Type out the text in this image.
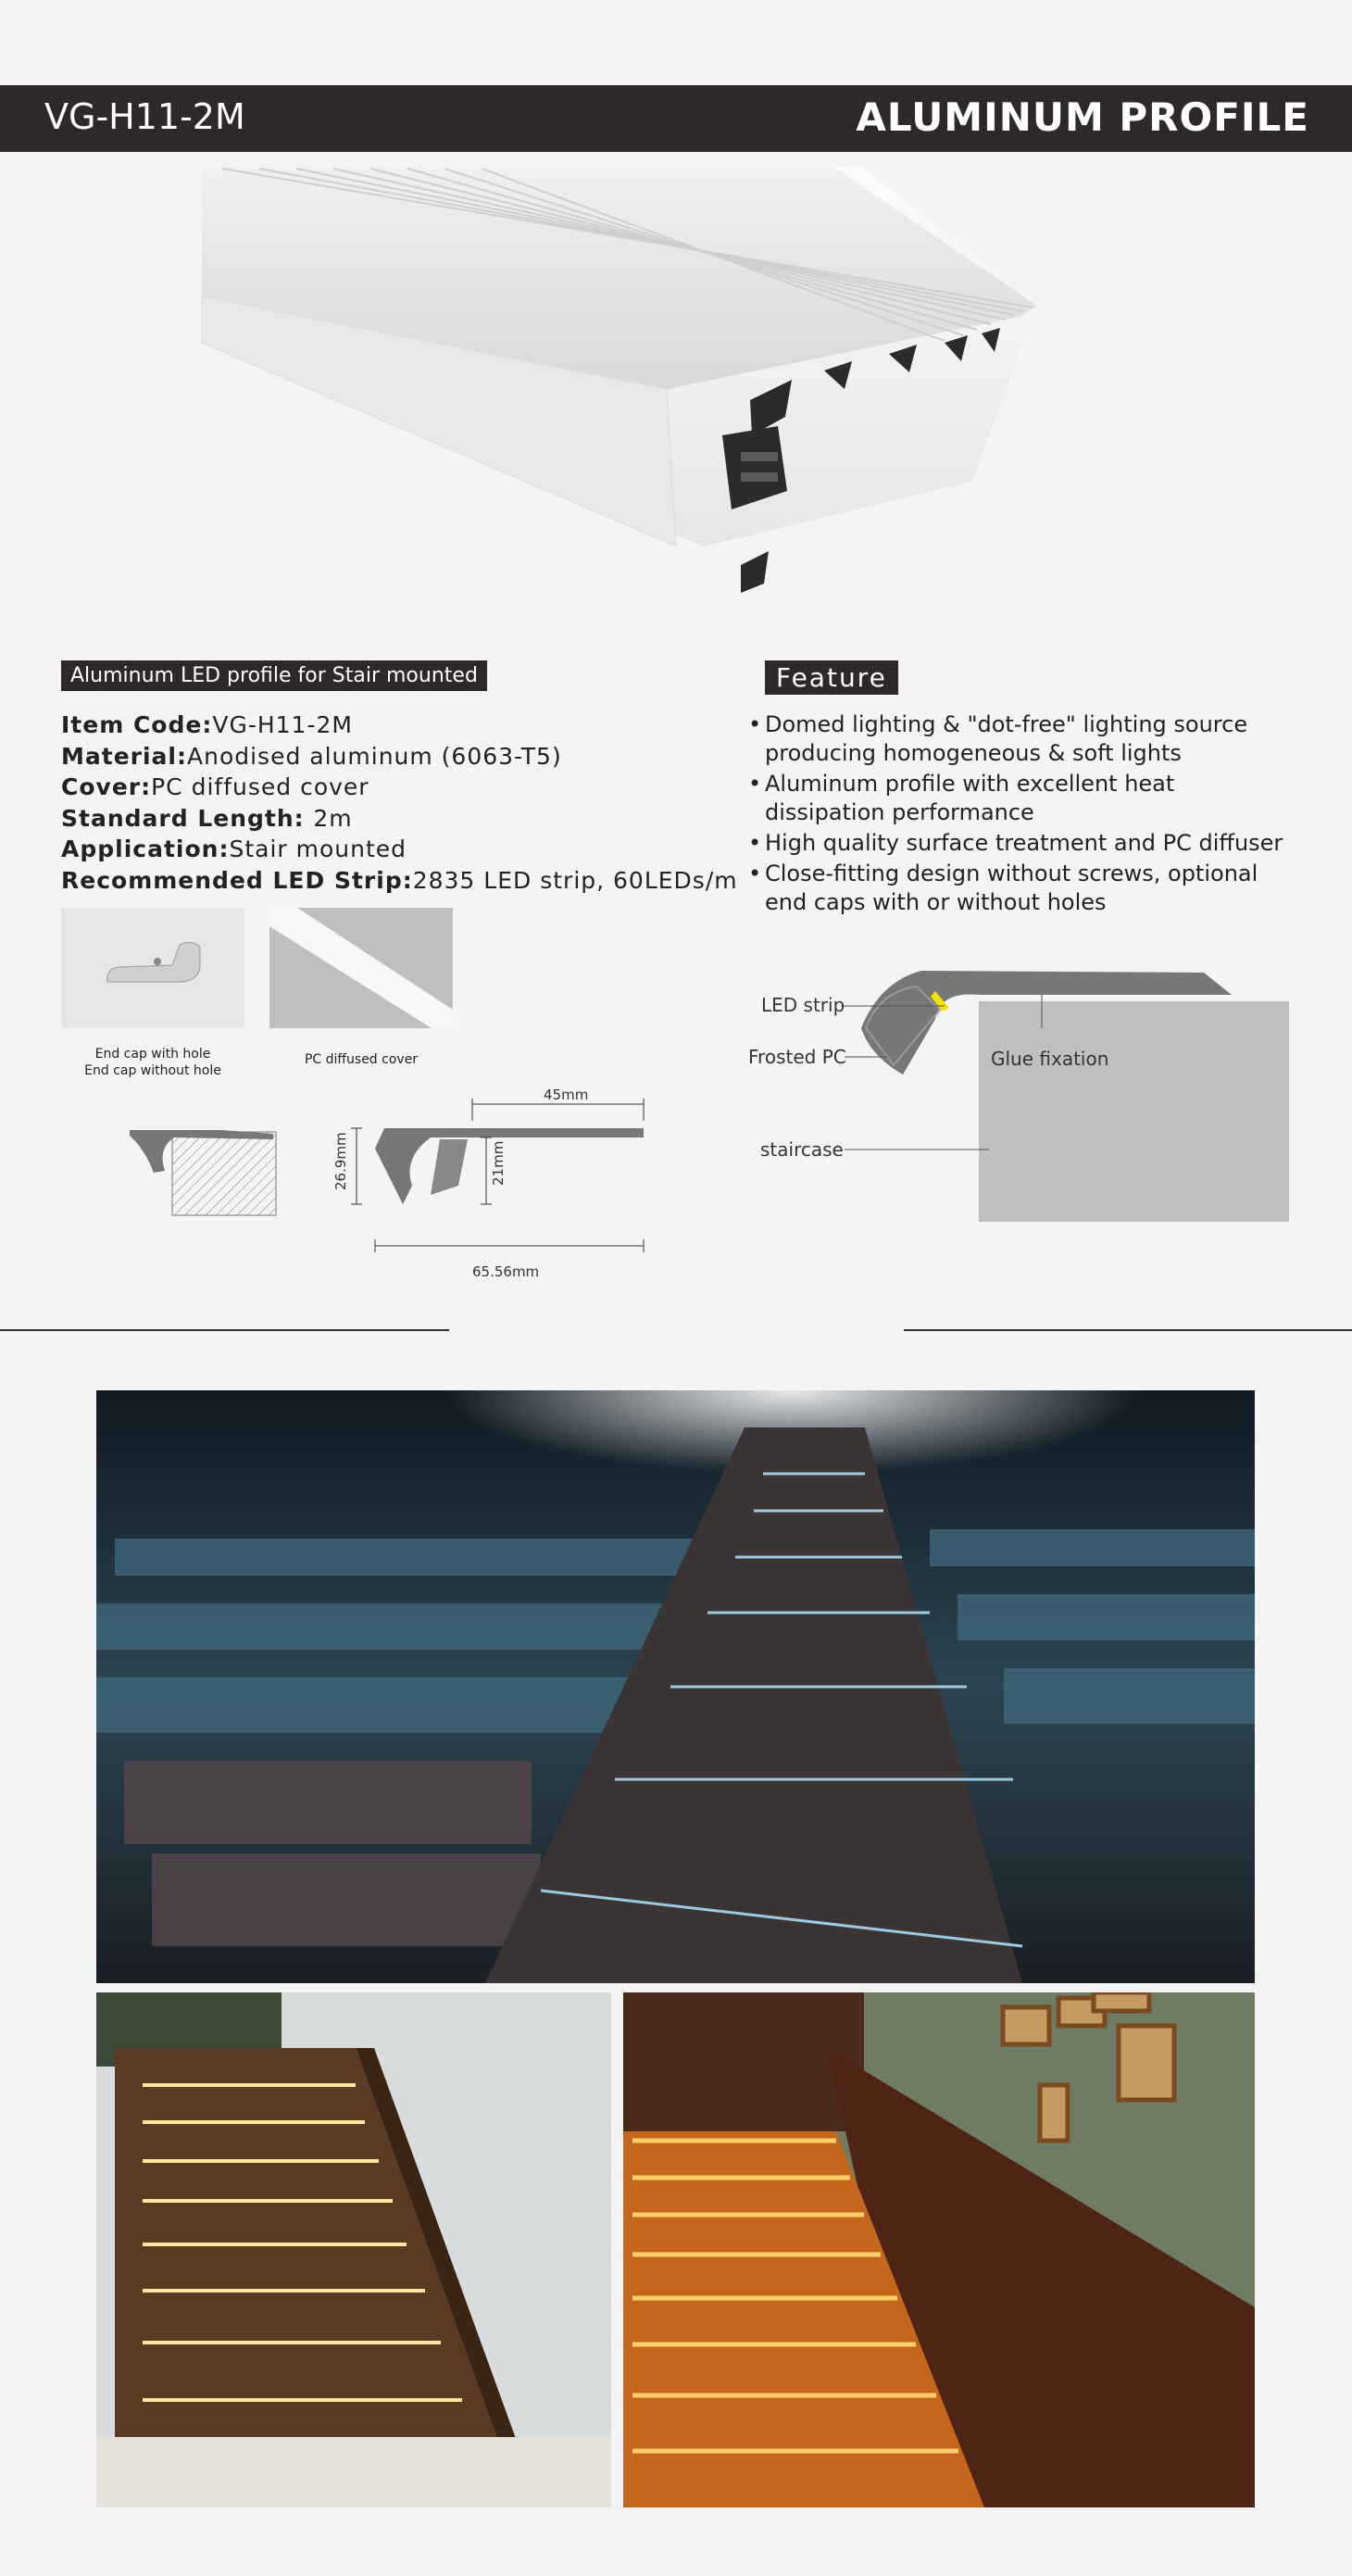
VG-H11-2M	ALUMINUM PROFILE
Aluminum LED profile for Stair mounted
Item Code:VG-H11-2M
Material:Anodised aluminum (6063-T5)
Cover:PC diffused cover
Standard Length: 2m
Application:Stair mounted
Recommended LED Strip:2835 LED strip, 60LEDs/m
End cap with hole
End cap without hole
PC diffused cover
45mm
26.9mm	21mm
65.56mm
Feature
• Domed lighting & "dot-free" lighting source producing homogeneous & soft lights
• Aluminum profile with excellent heat dissipation performance
• High quality surface treatment and PC diffuser
• Close-fitting design without screws, optional end caps with or without holes
LED strip
Frosted PC	Glue fixation
staircase
